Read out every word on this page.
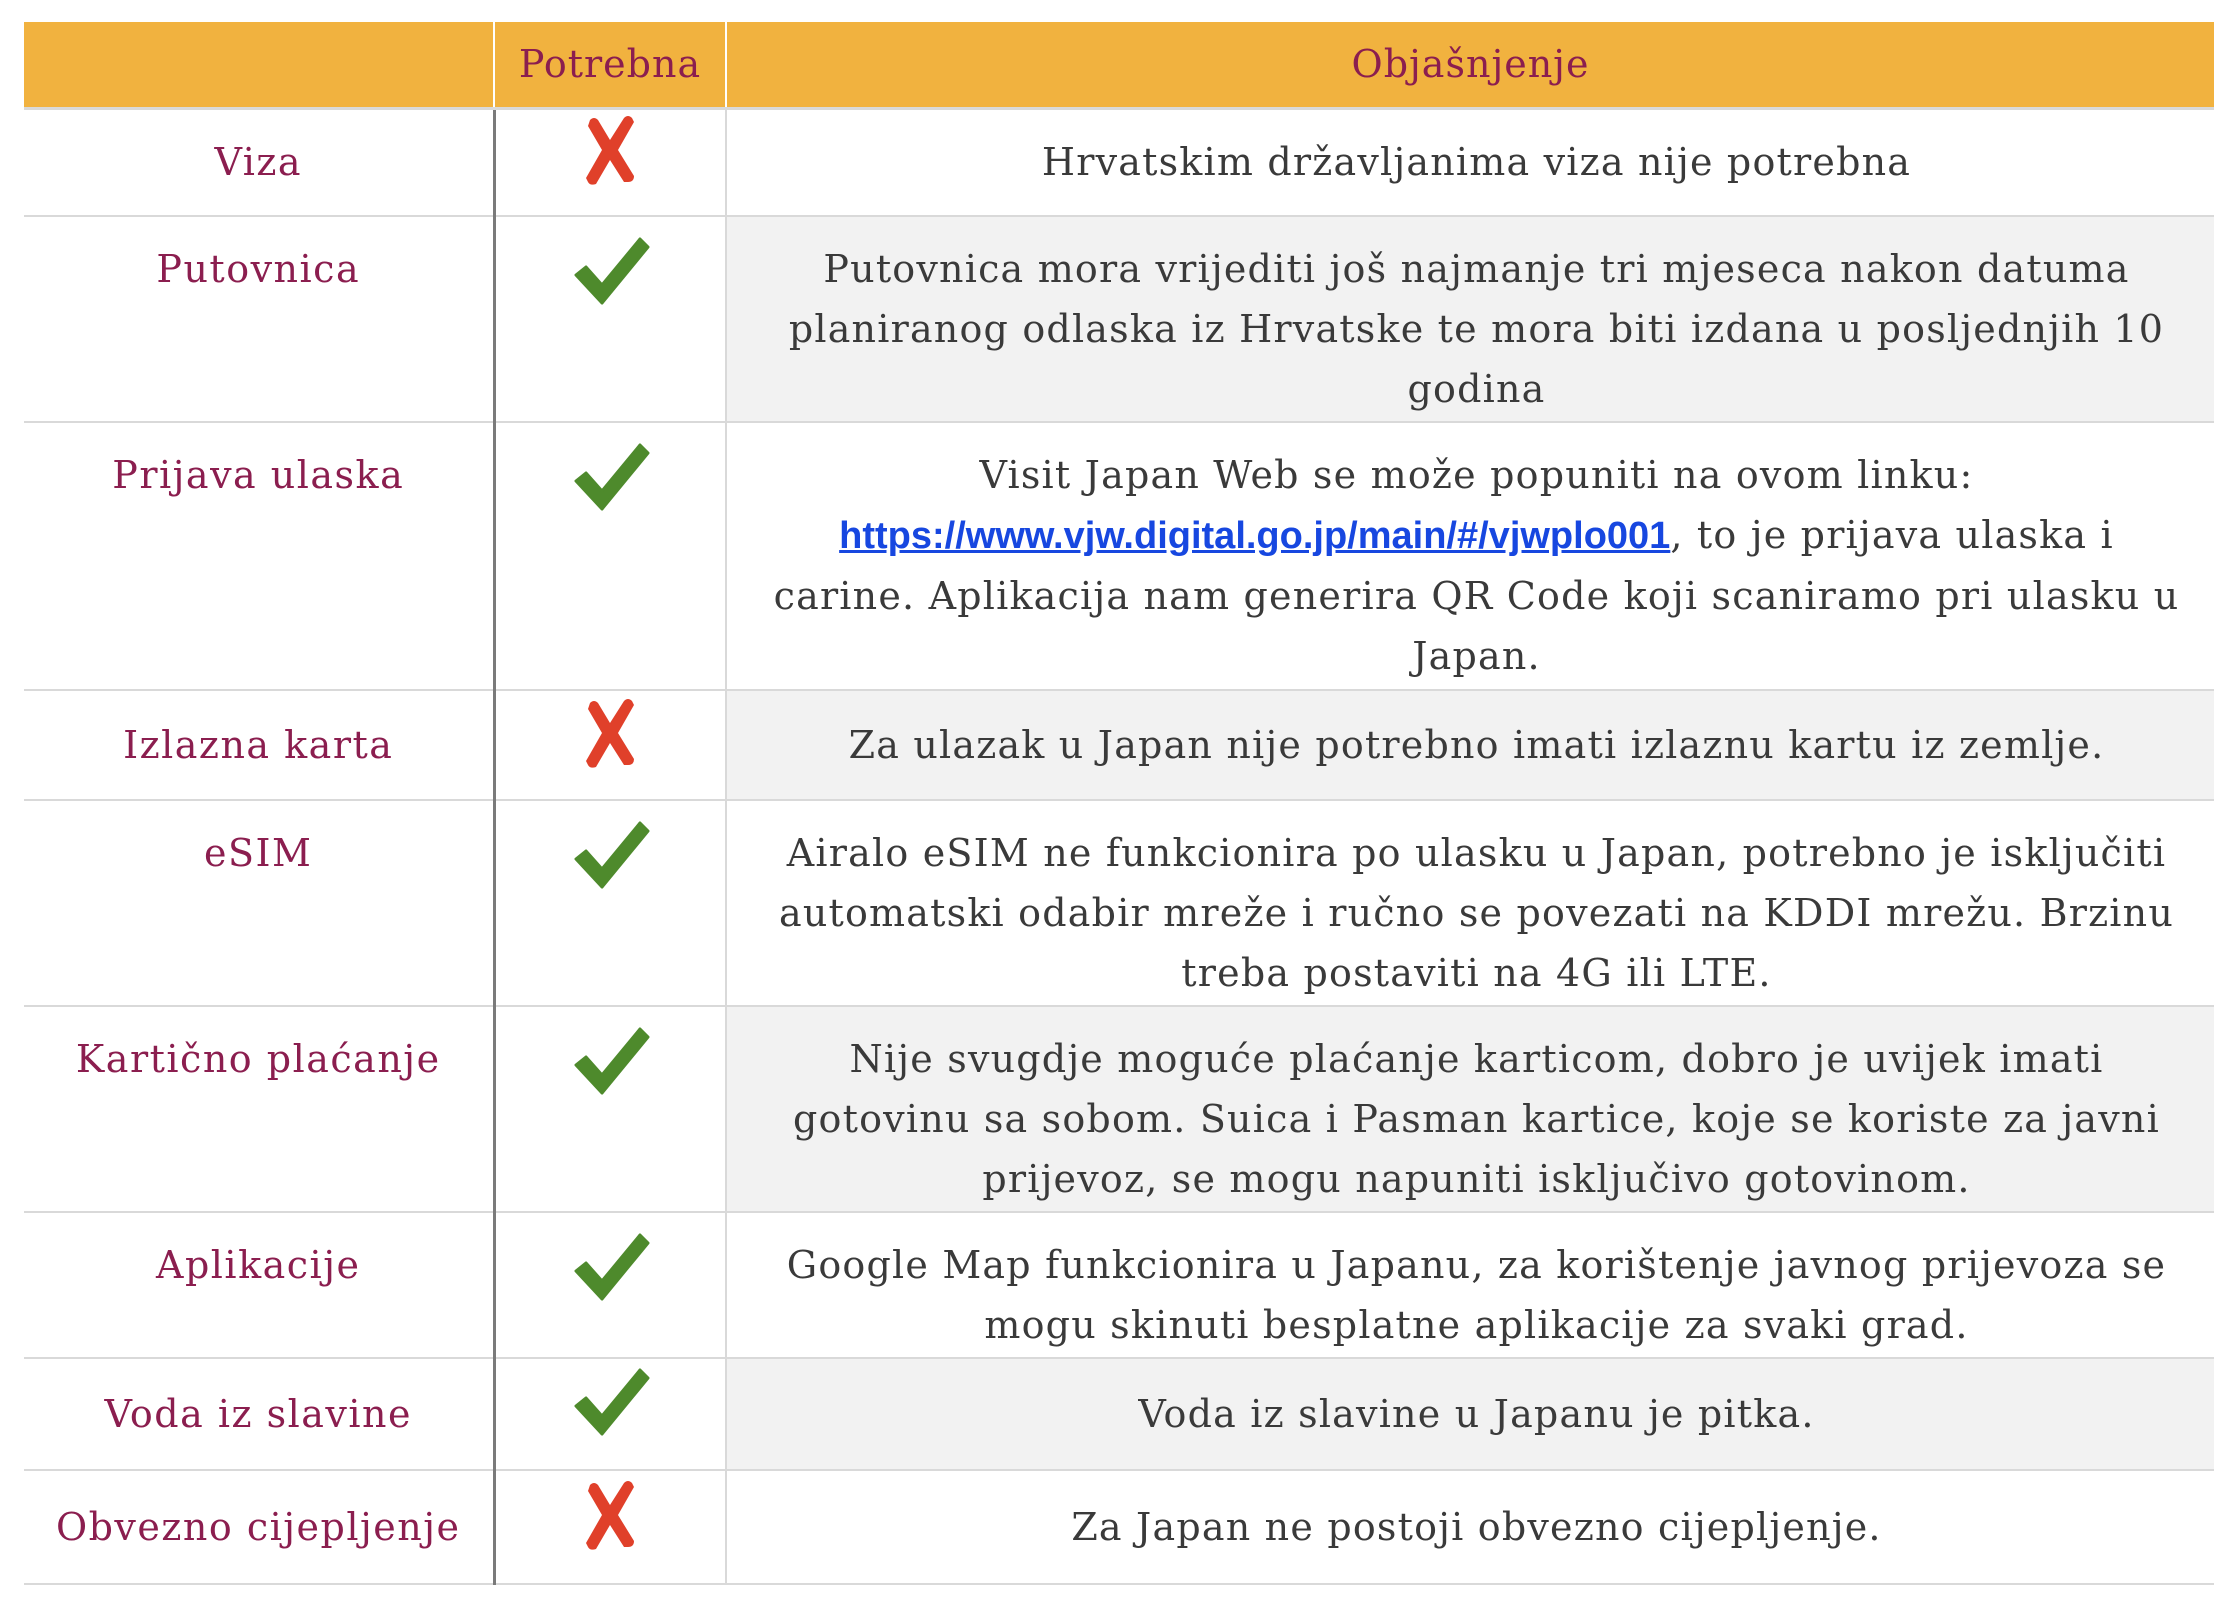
	Potrebna	Objašnjenje
Viza		Hrvatskim državljanima viza nije potrebna
Putovnica		Putovnica mora vrijediti još najmanje tri mjeseca nakon datuma planiranog odlaska iz Hrvatske te mora biti izdana u posljednjih 10 godina
Prijava ulaska		Visit Japan Web se može popuniti na ovom linku: https://www.vjw.digital.go.jp/main/#/vjwplo001, to je prijava ulaska i carine. Aplikacija nam generira QR Code koji scaniramo pri ulasku u Japan.
Izlazna karta		Za ulazak u Japan nije potrebno imati izlaznu kartu iz zemlje.
eSIM		Airalo eSIM ne funkcionira po ulasku u Japan, potrebno je isključiti automatski odabir mreže i ručno se povezati na KDDI mrežu. Brzinu treba postaviti na 4G ili LTE.
Kartično plaćanje		Nije svugdje moguće plaćanje karticom, dobro je uvijek imati gotovinu sa sobom. Suica i Pasman kartice, koje se koriste za javni prijevoz, se mogu napuniti isključivo gotovinom.
Aplikacije		Google Map funkcionira u Japanu, za korištenje javnog prijevoza se mogu skinuti besplatne aplikacije za svaki grad.
Voda iz slavine		Voda iz slavine u Japanu je pitka.
Obvezno cijepljenje		Za Japan ne postoji obvezno cijepljenje.
